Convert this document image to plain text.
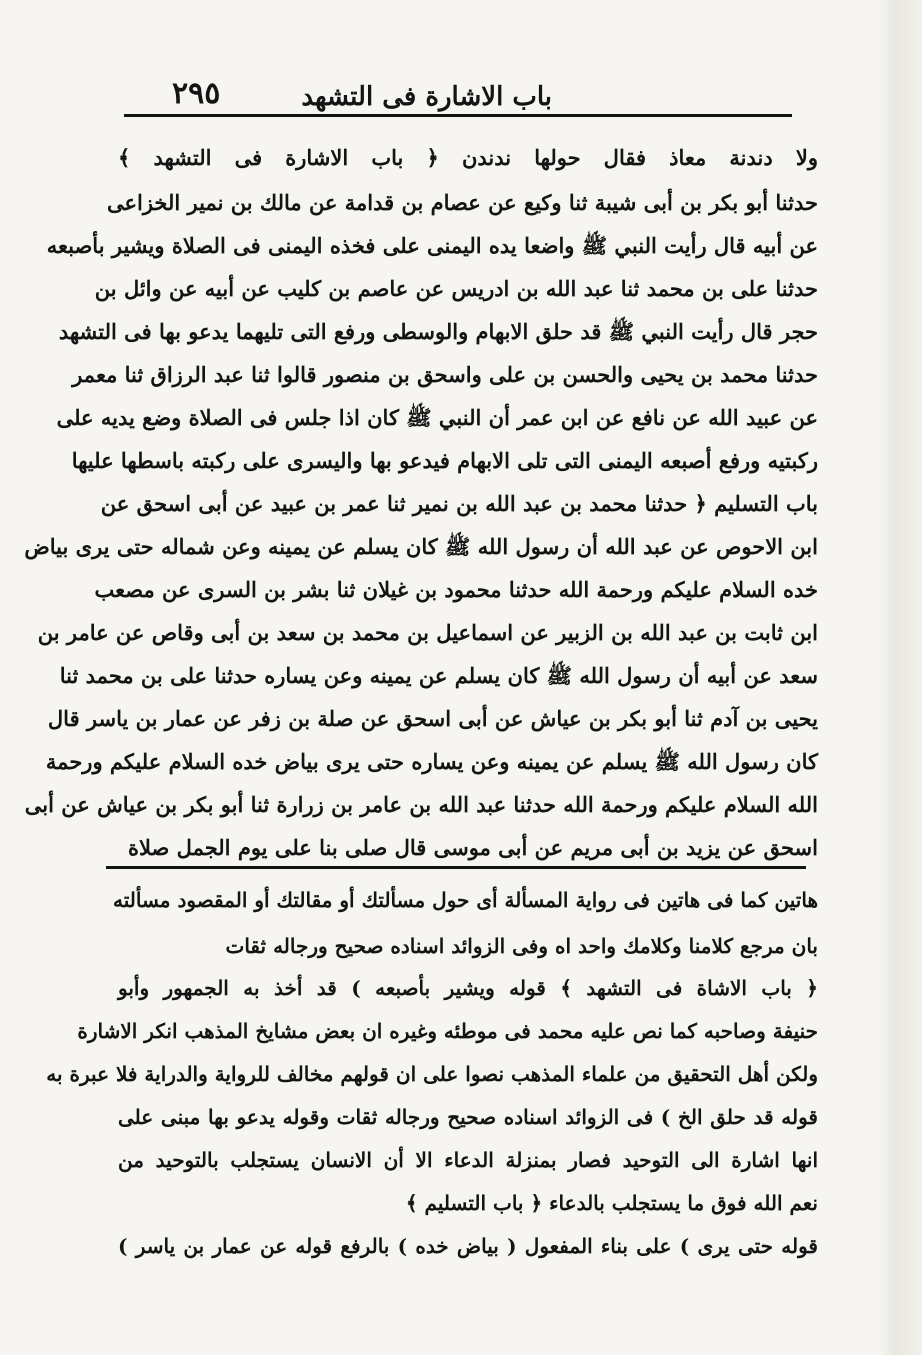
باب الاشارة فى التشهد
٢٩٥
ولا دندنة معاذ فقال حولها ندندن ﴿ باب الاشارة فى التشهد ﴾
حدثنا أبو بكر بن أبى شيبة ثنا وكيع عن عصام بن قدامة عن مالك بن نمير الخزاعى
عن أبيه قال رأيت النبي ﷺ واضعا يده اليمنى على فخذه اليمنى فى الصلاة ويشير بأصبعه
حدثنا على بن محمد ثنا عبد الله بن ادريس عن عاصم بن كليب عن أبيه عن وائل بن
حجر قال رأيت النبي ﷺ قد حلق الابهام والوسطى ورفع التى تليهما يدعو بها فى التشهد
حدثنا محمد بن يحيى والحسن بن على واسحق بن منصور قالوا ثنا عبد الرزاق ثنا معمر
عن عبيد الله عن نافع عن ابن عمر أن النبي ﷺ كان اذا جلس فى الصلاة وضع يديه على
ركبتيه ورفع أصبعه اليمنى التى تلى الابهام فيدعو بها واليسرى على ركبته باسطها عليها
باب التسليم ﴿ حدثنا محمد بن عبد الله بن نمير ثنا عمر بن عبيد عن أبى اسحق عن
ابن الاحوص عن عبد الله أن رسول الله ﷺ كان يسلم عن يمينه وعن شماله حتى يرى بياض
خده السلام عليكم ورحمة الله حدثنا محمود بن غيلان ثنا بشر بن السرى عن مصعب
ابن ثابت بن عبد الله بن الزبير عن اسماعيل بن محمد بن سعد بن أبى وقاص عن عامر بن
سعد عن أبيه أن رسول الله ﷺ كان يسلم عن يمينه وعن يساره حدثنا على بن محمد ثنا
يحيى بن آدم ثنا أبو بكر بن عياش عن أبى اسحق عن صلة بن زفر عن عمار بن ياسر قال
كان رسول الله ﷺ يسلم عن يمينه وعن يساره حتى يرى بياض خده السلام عليكم ورحمة
الله السلام عليكم ورحمة الله حدثنا عبد الله بن عامر بن زرارة ثنا أبو بكر بن عياش عن أبى
اسحق عن يزيد بن أبى مريم عن أبى موسى قال صلى بنا على يوم الجمل صلاة
هاتين كما فى هاتين فى رواية المسألة أى حول مسألتك أو مقالتك أو المقصود مسألته
بان مرجع كلامنا وكلامك واحد اه وفى الزوائد اسناده صحيح ورجاله ثقات
﴿ باب الاشاة فى التشهد ﴾ قوله ويشير بأصبعه ) قد أخذ به الجمهور وأبو
حنيفة وصاحبه كما نص عليه محمد فى موطئه وغيره ان بعض مشايخ المذهب انكر الاشارة
ولكن أهل التحقيق من علماء المذهب نصوا على ان قولهم مخالف للرواية والدراية فلا عبرة به
قوله قد حلق الخ ) فى الزوائد اسناده صحيح ورجاله ثقات وقوله يدعو بها مبنى على
انها اشارة الى التوحيد فصار بمنزلة الدعاء الا أن الانسان يستجلب بالتوحيد من
نعم الله فوق ما يستجلب بالدعاء ﴿ باب التسليم ﴾
قوله حتى يرى ) على بناء المفعول ( بياض خده ) بالرفع قوله عن عمار بن ياسر )
